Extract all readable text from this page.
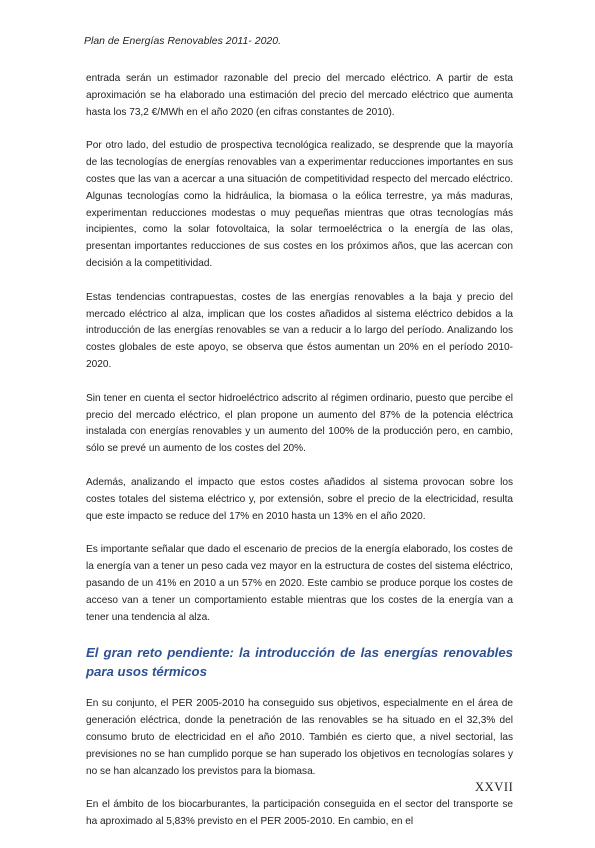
Plan de Energías Renovables 2011- 2020.

entrada serán un estimador razonable del precio del mercado eléctrico. A partir de esta aproximación se ha elaborado una estimación del precio del mercado eléctrico que aumenta hasta los 73,2 €/MWh en el año 2020 (en cifras constantes de 2010).

Por otro lado, del estudio de prospectiva tecnológica realizado, se desprende que la mayoría de las tecnologías de energías renovables van a experimentar reducciones importantes en sus costes que las van a acercar a una situación de competitividad respecto del mercado eléctrico. Algunas tecnologías como la hidráulica, la biomasa o la eólica terrestre, ya más maduras, experimentan reducciones modestas o muy pequeñas mientras que otras tecnologías más incipientes, como la solar fotovoltaica, la solar termoeléctrica o la energía de las olas, presentan importantes reducciones de sus costes en los próximos años, que las acercan con decisión a la competitividad.

Estas tendencias contrapuestas, costes de las energías renovables a la baja y precio del mercado eléctrico al alza, implican que los costes añadidos al sistema eléctrico debidos a la introducción de las energías renovables se van a reducir a lo largo del período. Analizando los costes globales de este apoyo, se observa que éstos aumentan un 20% en el período 2010-2020.

Sin tener en cuenta el sector hidroeléctrico adscrito al régimen ordinario, puesto que percibe el precio del mercado eléctrico, el plan propone un aumento del 87% de la potencia eléctrica instalada con energías renovables y un aumento del 100% de la producción pero, en cambio, sólo se prevé un aumento de los costes del 20%.

Además, analizando el impacto que estos costes añadidos al sistema provocan sobre los costes totales del sistema eléctrico y, por extensión, sobre el precio de la electricidad, resulta que este impacto se reduce del 17% en 2010 hasta un 13% en el año 2020.

Es importante señalar que dado el escenario de precios de la energía elaborado, los costes de la energía van a tener un peso cada vez mayor en la estructura de costes del sistema eléctrico, pasando de un 41% en 2010 a un 57% en 2020. Este cambio se produce porque los costes de acceso van a tener un comportamiento estable mientras que los costes de la energía van a tener una tendencia al alza.

El gran reto pendiente: la introducción de las energías renovables para usos térmicos

En su conjunto, el PER 2005-2010 ha conseguido sus objetivos, especialmente en el área de generación eléctrica, donde la penetración de las renovables se ha situado en el 32,3% del consumo bruto de electricidad en el año 2010. También es cierto que, a nivel sectorial, las previsiones no se han cumplido porque se han superado los objetivos en tecnologías solares y no se han alcanzado los previstos para la biomasa.

En el ámbito de los biocarburantes, la participación conseguida en el sector del transporte se ha aproximado al 5,83% previsto en el PER 2005-2010. En cambio, en el

XXVII
